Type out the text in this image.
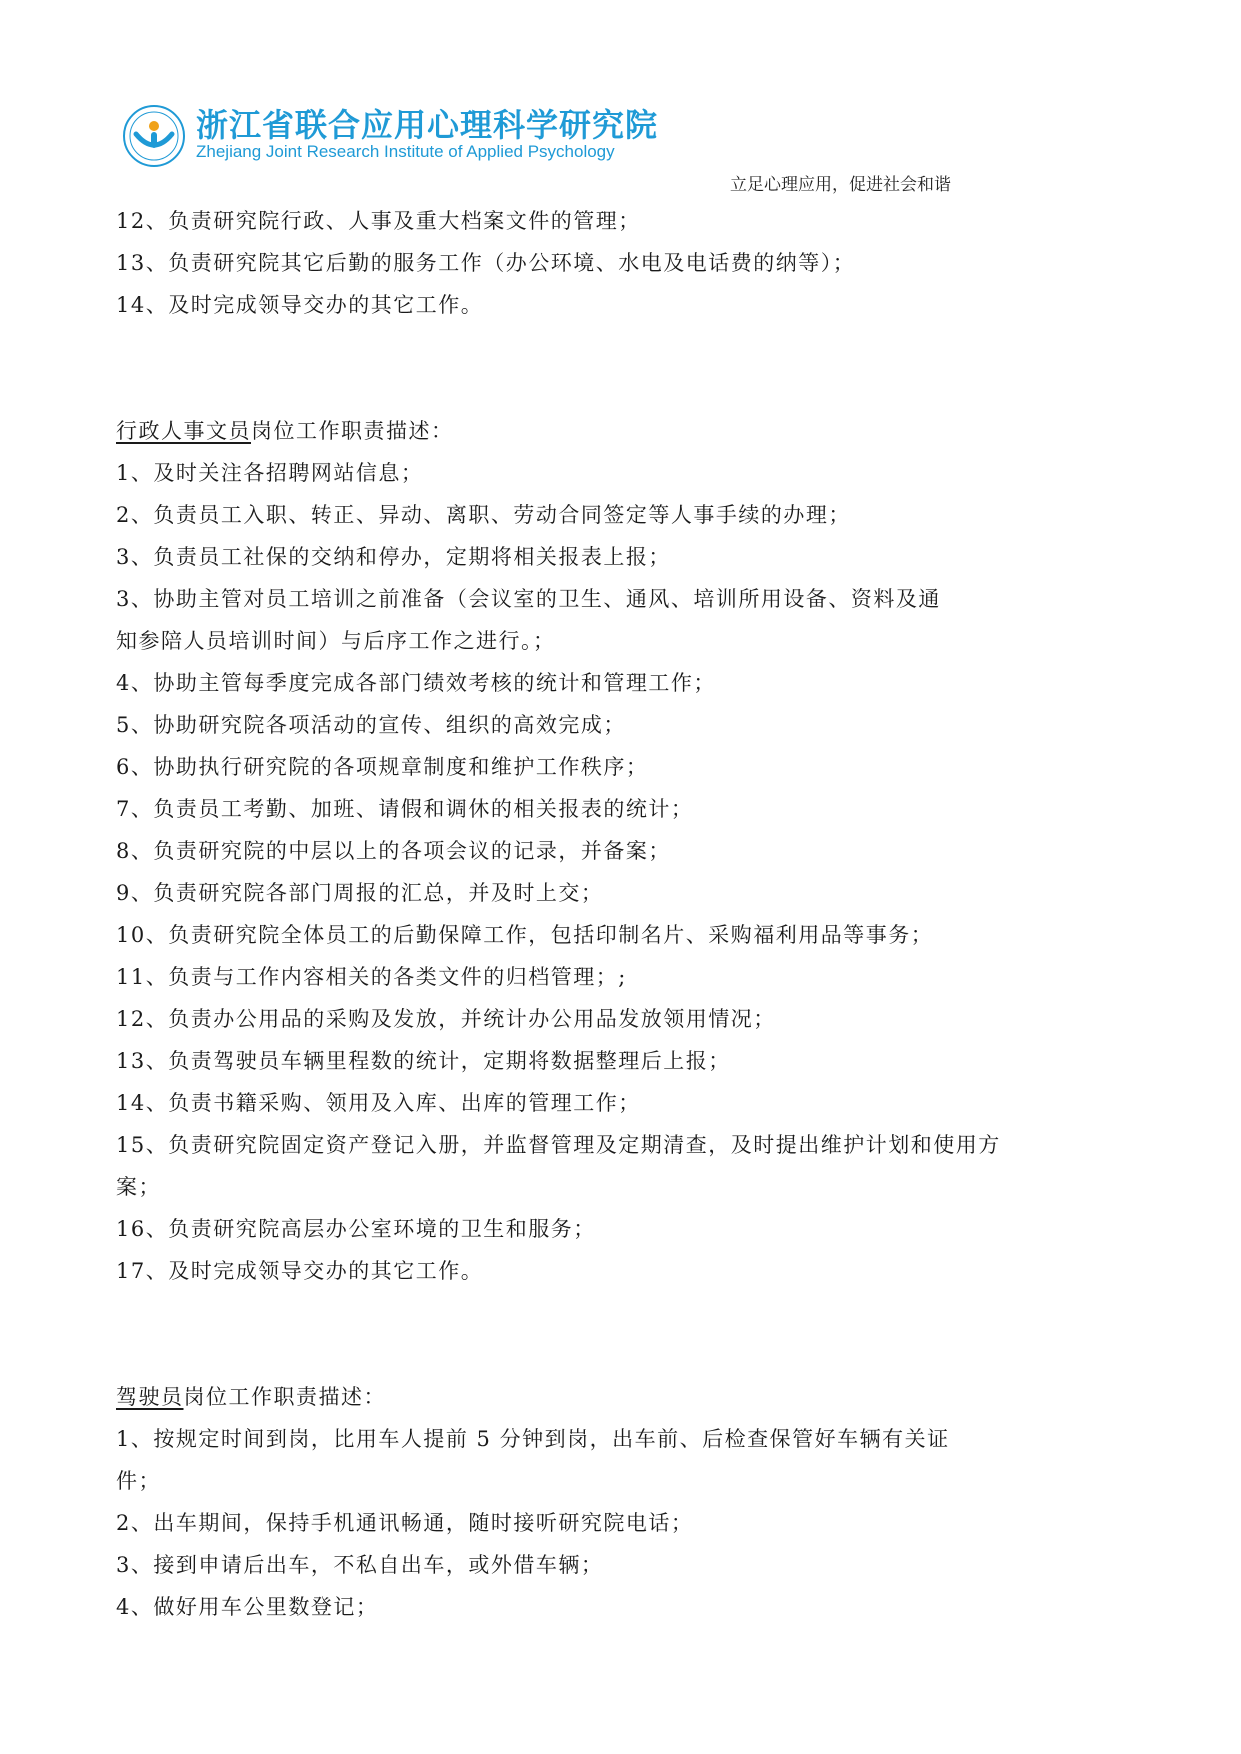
浙江省联合应用心理科学研究院
Zhejiang Joint Research Institute of Applied Psychology
立足心理应用，促进社会和谐
12、负责研究院行政、人事及重大档案文件的管理；
13、负责研究院其它后勤的服务工作（办公环境、水电及电话费的纳等）；
14、及时完成领导交办的其它工作。
行政人事文员岗位工作职责描述：
1、及时关注各招聘网站信息；
2、负责员工入职、转正、异动、离职、劳动合同签定等人事手续的办理；
3、负责员工社保的交纳和停办，定期将相关报表上报；
3、协助主管对员工培训之前准备（会议室的卫生、通风、培训所用设备、资料及通
知参陪人员培训时间）与后序工作之进行。；
4、协助主管每季度完成各部门绩效考核的统计和管理工作；
5、协助研究院各项活动的宣传、组织的高效完成；
6、协助执行研究院的各项规章制度和维护工作秩序；
7、负责员工考勤、加班、请假和调休的相关报表的统计；
8、负责研究院的中层以上的各项会议的记录，并备案；
9、负责研究院各部门周报的汇总，并及时上交；
10、负责研究院全体员工的后勤保障工作，包括印制名片、采购福利用品等事务；
11、负责与工作内容相关的各类文件的归档管理；;
12、负责办公用品的采购及发放，并统计办公用品发放领用情况；
13、负责驾驶员车辆里程数的统计，定期将数据整理后上报；
14、负责书籍采购、领用及入库、出库的管理工作；
15、负责研究院固定资产登记入册，并监督管理及定期清查，及时提出维护计划和使用方
案；
16、负责研究院高层办公室环境的卫生和服务；
17、及时完成领导交办的其它工作。
驾驶员岗位工作职责描述：
1、按规定时间到岗，比用车人提前 5 分钟到岗，出车前、后检查保管好车辆有关证
件；
2、出车期间，保持手机通讯畅通，随时接听研究院电话；
3、接到申请后出车，不私自出车，或外借车辆；
4、做好用车公里数登记；
